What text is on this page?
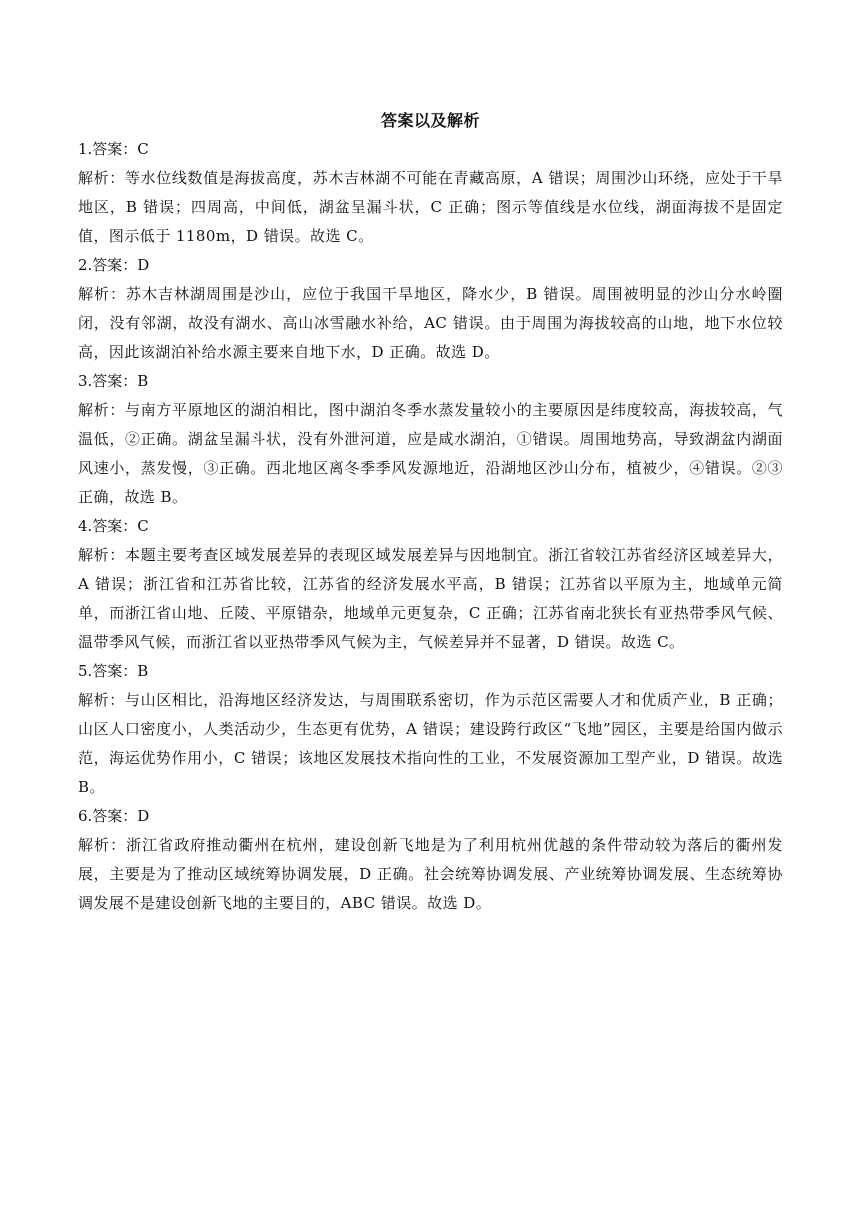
答案以及解析
1.答案：C
解析：等水位线数值是海拔高度，苏木吉林湖不可能在青藏高原，A 错误；周围沙山环绕，应处于干旱地区，B 错误；四周高，中间低，湖盆呈漏斗状，C 正确；图示等值线是水位线，湖面海拔不是固定值，图示低于 1180m，D 错误。故选 C。
2.答案：D
解析：苏木吉林湖周围是沙山，应位于我国干旱地区，降水少，B 错误。周围被明显的沙山分水岭圈闭，没有邻湖，故没有湖水、高山冰雪融水补给，AC 错误。由于周围为海拔较高的山地，地下水位较高，因此该湖泊补给水源主要来自地下水，D 正确。故选 D。
3.答案：B
解析：与南方平原地区的湖泊相比，图中湖泊冬季水蒸发量较小的主要原因是纬度较高，海拔较高，气温低，②正确。湖盆呈漏斗状，没有外泄河道，应是咸水湖泊，①错误。周围地势高，导致湖盆内湖面风速小，蒸发慢，③正确。西北地区离冬季季风发源地近，沿湖地区沙山分布，植被少，④错误。②③正确，故选 B。
4.答案：C
解析：本题主要考查区域发展差异的表现区域发展差异与因地制宜。浙江省较江苏省经济区域差异大，A 错误；浙江省和江苏省比较，江苏省的经济发展水平高，B 错误；江苏省以平原为主，地域单元简单，而浙江省山地、丘陵、平原错杂，地域单元更复杂，C 正确；江苏省南北狭长有亚热带季风气候、温带季风气候，而浙江省以亚热带季风气候为主，气候差异并不显著，D 错误。故选 C。
5.答案：B
解析：与山区相比，沿海地区经济发达，与周围联系密切，作为示范区需要人才和优质产业，B 正确；山区人口密度小，人类活动少，生态更有优势，A 错误；建设跨行政区“飞地”园区，主要是给国内做示范，海运优势作用小，C 错误；该地区发展技术指向性的工业，不发展资源加工型产业，D 错误。故选 B。
6.答案：D
解析：浙江省政府推动衢州在杭州，建设创新飞地是为了利用杭州优越的条件带动较为落后的衢州发展，主要是为了推动区域统筹协调发展，D 正确。社会统筹协调发展、产业统筹协调发展、生态统筹协调发展不是建设创新飞地的主要目的，ABC 错误。故选 D。
